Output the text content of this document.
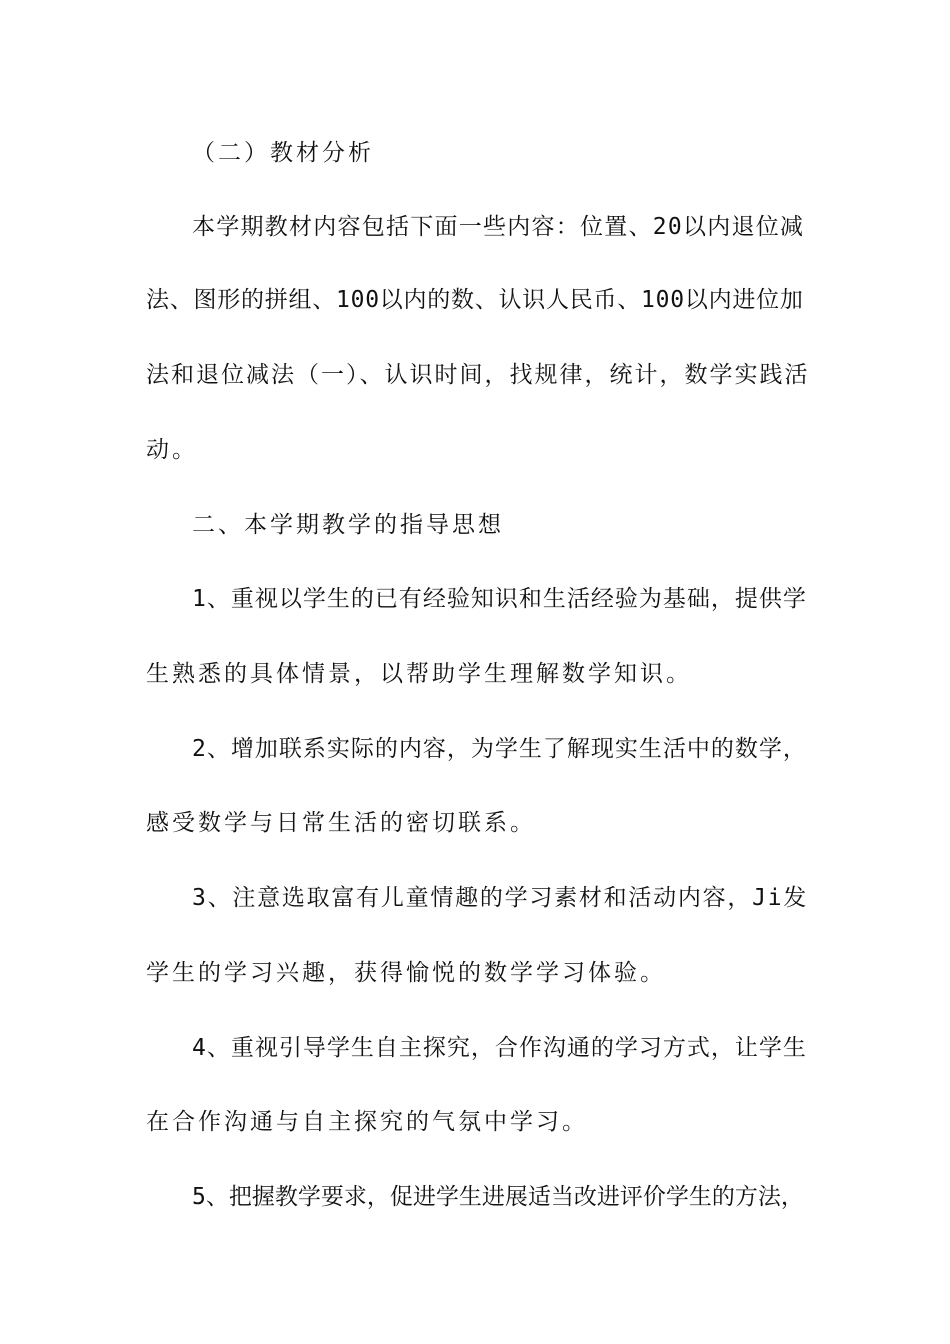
（二）教材分析
本学期教材内容包括下面一些内容：位置、20以内退位减
法、图形的拼组、100以内的数、认识人民币、100以内进位加
法和退位减法（一）、认识时间，找规律，统计，数学实践活
动。
二、本学期教学的指导思想
1、重视以学生的已有经验知识和生活经验为基础，提供学
生熟悉的具体情景，以帮助学生理解数学知识。
2、增加联系实际的内容，为学生了解现实生活中的数学，
感受数学与日常生活的密切联系。
3、注意选取富有儿童情趣的学习素材和活动内容，Ji发
学生的学习兴趣，获得愉悦的数学学习体验。
4、重视引导学生自主探究，合作沟通的学习方式，让学生
在合作沟通与自主探究的气氛中学习。
5、把握教学要求，促进学生进展适当改进评价学生的方法，
